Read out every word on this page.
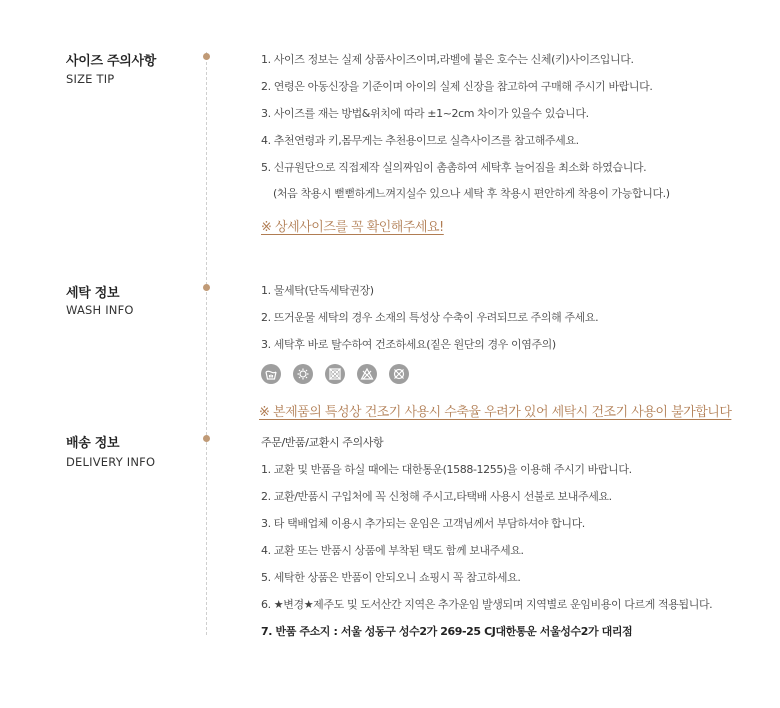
사이즈 주의사항
SIZE TIP
1. 사이즈 정보는 실제 상품사이즈이며,라벨에 붙은 호수는 신체(키)사이즈입니다.
2. 연령은 아동신장을 기준이며 아이의 실제 신장을 참고하여 구매해 주시기 바랍니다.
3. 사이즈를 재는 방법&위치에 따라 ±1~2cm 차이가 있을수 있습니다.
4. 추천연령과 키,몸무게는 추천용이므로 실측사이즈를 참고해주세요.
5. 신규원단으로 직접제작 실의짜임이 촘촘하여 세탁후 늘어짐을 최소화 하였습니다.
(처음 착용시 뻗뻗하게느껴지실수 있으나 세탁 후 착용시 편안하게 착용이 가능합니다.)
※ 상세사이즈를 꼭 확인해주세요!
세탁 정보
WASH INFO
1. 물세탁(단독세탁권장)
2. 뜨거운물 세탁의 경우 소재의 특성상 수축이 우려되므로 주의해 주세요.
3. 세탁후 바로 탈수하여 건조하세요(짙은 원단의 경우 이염주의)
※ 본제품의 특성상 건조기 사용시 수축율 우려가 있어 세탁시 건조기 사용이 불가합니다
배송 정보
DELIVERY INFO
주문/반품/교환시 주의사항
1. 교환 및 반품을 하실 때에는 대한통운(1588-1255)을 이용해 주시기 바랍니다.
2. 교환/반품시 구입처에 꼭 신청해 주시고,타택배 사용시 선불로 보내주세요.
3. 타 택배업체 이용시 추가되는 운임은 고객님께서 부담하셔야 합니다.
4. 교환 또는 반품시 상품에 부착된 택도 함께 보내주세요.
5. 세탁한 상품은 반품이 안되오니 쇼핑시 꼭 참고하세요.
6. ★변경★제주도 및 도서산간 지역은 추가운임 발생되며 지역별로 운임비용이 다르게 적용됩니다.
7. 반품 주소지 : 서울 성동구 성수2가 269-25 CJ대한통운 서울성수2가 대리점
